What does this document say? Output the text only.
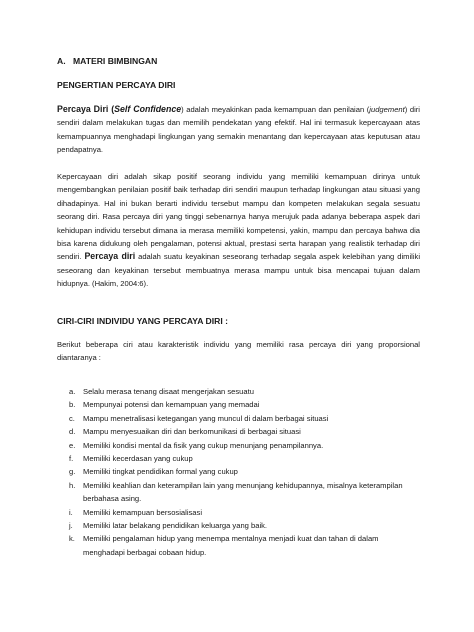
A. MATERI BIMBINGAN
PENGERTIAN PERCAYA DIRI

Percaya Diri (Self Confidence) adalah meyakinkan pada kemampuan dan penilaian (judgement) diri sendiri dalam melakukan tugas dan memilih pendekatan yang efektif. Hal ini termasuk kepercayaan atas kemampuannya menghadapi lingkungan yang semakin menantang dan kepercayaan atas keputusan atau pendapatnya.

Kepercayaan diri adalah sikap positif seorang individu yang memiliki kemampuan dirinya untuk mengembangkan penilaian positif baik terhadap diri sendiri maupun terhadap lingkungan atau situasi yang dihadapinya. Hal ini bukan berarti individu tersebut mampu dan kompeten melakukan segala sesuatu seorang diri. Rasa percaya diri yang tinggi sebenarnya hanya merujuk pada adanya beberapa aspek dari kehidupan individu tersebut dimana ia merasa memiliki kompetensi, yakin, mampu dan percaya bahwa dia bisa karena didukung oleh pengalaman, potensi aktual, prestasi serta harapan yang realistik terhadap diri sendiri. Percaya diri adalah suatu keyakinan seseorang terhadap segala aspek kelebihan yang dimiliki seseorang dan keyakinan tersebut membuatnya merasa mampu untuk bisa mencapai tujuan dalam hidupnya. (Hakim, 2004:6).

CIRI-CIRI INDIVIDU YANG PERCAYA DIRI :

Berikut beberapa ciri atau karakteristik individu yang memiliki rasa percaya diri yang proporsional diantaranya :

a. Selalu merasa tenang disaat mengerjakan sesuatu
b. Mempunyai potensi dan kemampuan yang memadai
c. Mampu menetralisasi ketegangan yang muncul di dalam berbagai situasi
d. Mampu menyesuaikan diri dan berkomunikasi di berbagai situasi
e. Memiliki kondisi mental da fisik yang cukup menunjang penampilannya.
f. Memiliki kecerdasan yang cukup
g. Memiliki tingkat pendidikan formal yang cukup
h. Memiliki keahlian dan keterampilan lain yang menunjang kehidupannya, misalnya keterampilan berbahasa asing.
i. Memiliki kemampuan bersosialisasi
j. Memiliki latar belakang pendidikan keluarga yang baik.
k. Memiliki pengalaman hidup yang menempa mentalnya menjadi kuat dan tahan di dalam menghadapi berbagai cobaan hidup.
